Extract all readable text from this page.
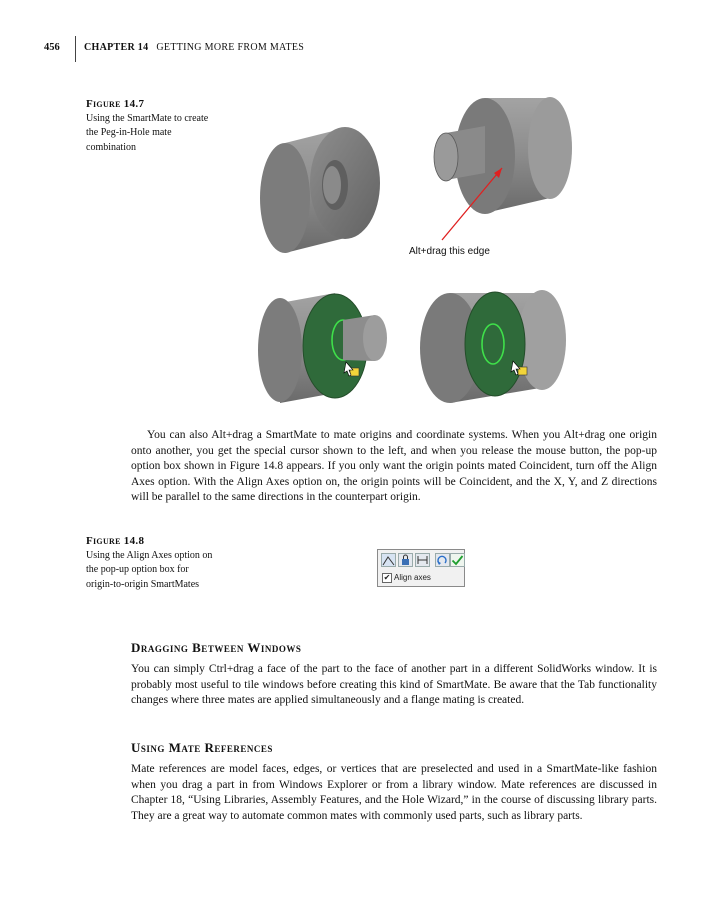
456 CHAPTER 14 GETTING MORE FROM MATES
Figure 14.7
Using the SmartMate to create the Peg-in-Hole mate combination
Alt+drag this edge
You can also Alt+drag a SmartMate to mate origins and coordinate systems. When you Alt+drag one origin onto another, you get the special cursor shown to the left, and when you release the mouse button, the pop-up option box shown in Figure 14.8 appears. If you only want the origin points mated Coincident, turn off the Align Axes option. With the Align Axes option on, the origin points will be Coincident, and the X, Y, and Z directions will be parallel to the same directions in the counterpart origin.
Figure 14.8
Using the Align Axes option on the pop-up option box for origin-to-origin SmartMates
✔ Align axes
Dragging Between Windows
You can simply Ctrl+drag a face of the part to the face of another part in a different SolidWorks window. It is probably most useful to tile windows before creating this kind of SmartMate. Be aware that the Tab functionality changes where three mates are applied simultaneously and a flange mating is created.
Using Mate References
Mate references are model faces, edges, or vertices that are preselected and used in a SmartMate-like fashion when you drag a part in from Windows Explorer or from a library window. Mate references are discussed in Chapter 18, “Using Libraries, Assembly Features, and the Hole Wizard,” in the course of discussing library parts. They are a great way to automate common mates with commonly used parts, such as library parts.
